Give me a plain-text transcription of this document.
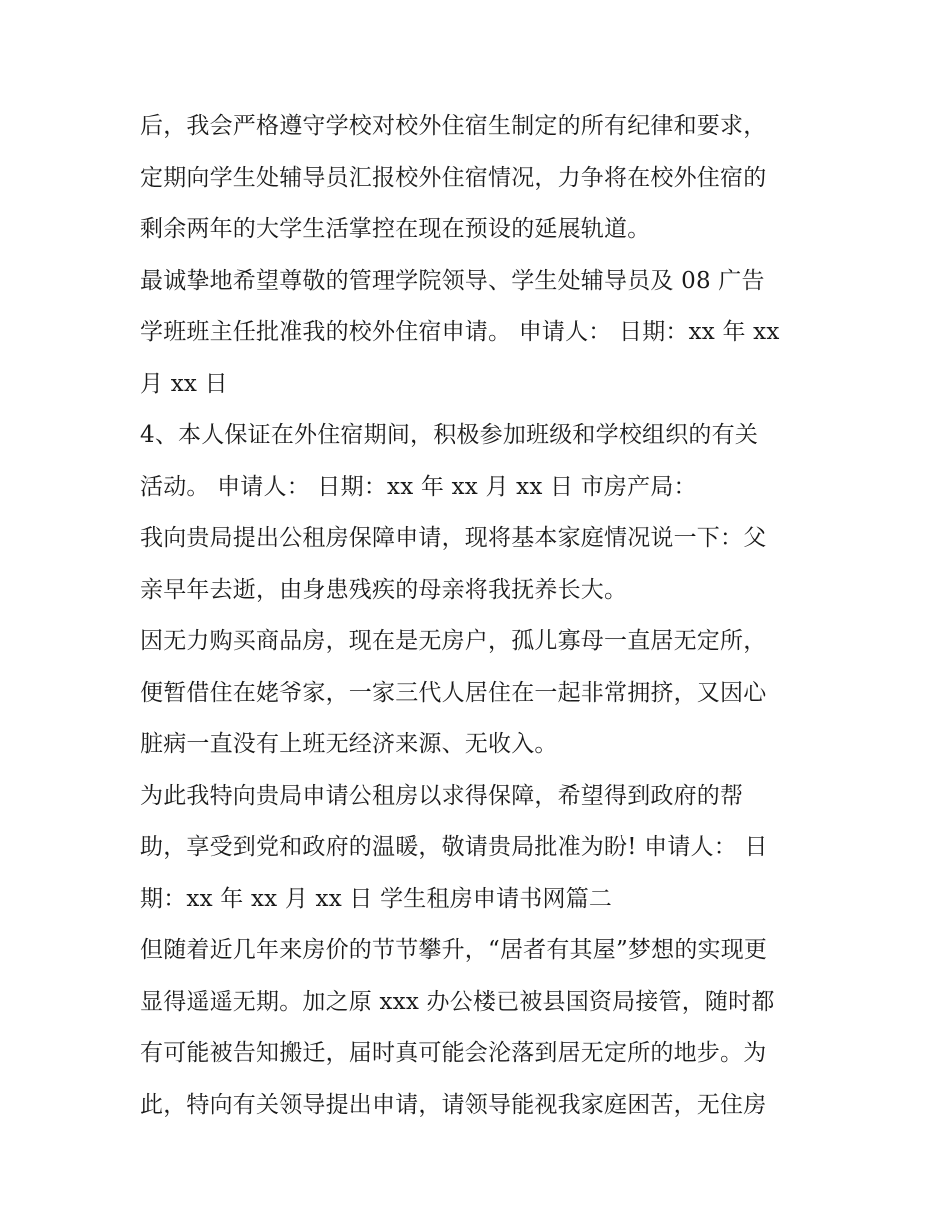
后，我会严格遵守学校对校外住宿生制定的所有纪律和要求，

定期向学生处辅导员汇报校外住宿情况，力争将在校外住宿的

剩余两年的大学生活掌控在现在预设的延展轨道。

最诚挚地希望尊敬的管理学院领导、学生处辅导员及 08 广告

学班班主任批准我的校外住宿申请。 申请人： 日期：xx 年 xx

月 xx 日

4、本人保证在外住宿期间，积极参加班级和学校组织的有关

活动。 申请人： 日期：xx 年 xx 月 xx 日 市房产局：

我向贵局提出公租房保障申请，现将基本家庭情况说一下：父

亲早年去逝，由身患残疾的母亲将我抚养长大。

因无力购买商品房，现在是无房户，孤儿寡母一直居无定所，

便暂借住在姥爷家，一家三代人居住在一起非常拥挤，又因心

脏病一直没有上班无经济来源、无收入。

为此我特向贵局申请公租房以求得保障，希望得到政府的帮

助，享受到党和政府的温暖，敬请贵局批准为盼! 申请人： 日

期：xx 年 xx 月 xx 日 学生租房申请书网篇二

但随着近几年来房价的节节攀升，“居者有其屋”梦想的实现更

显得遥遥无期。加之原 xxx 办公楼已被县国资局接管，随时都

有可能被告知搬迁，届时真可能会沦落到居无定所的地步。为

此，特向有关领导提出申请，请领导能视我家庭困苦，无住房
